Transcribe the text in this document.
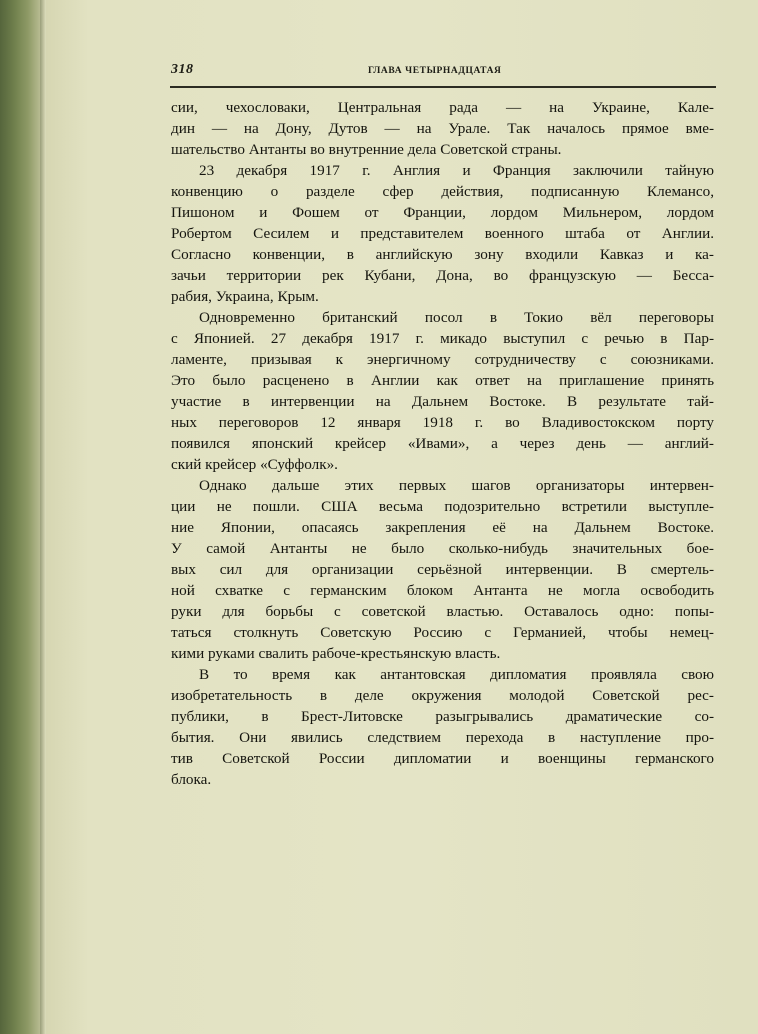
318	ГЛАВА ЧЕТЫРНАДЦАТАЯ
сии, чехословаки, Центральная рада — на Украине, Кале-
дин — на Дону, Дутов — на Урале. Так началось прямое вме-
шательство Антанты во внутренние дела Советской страны.
23 декабря 1917 г. Англия и Франция заключили тайную
конвенцию о разделе сфер действия, подписанную Клемансо,
Пишоном и Фошем от Франции, лордом Мильнером, лордом
Робертом Сесилем и представителем военного штаба от Англии.
Согласно конвенции, в английскую зону входили Кавказ и ка-
зачьи территории рек Кубани, Дона, во французскую — Бесса-
рабия, Украина, Крым.
Одновременно британский посол в Токио вёл переговоры
с Японией. 27 декабря 1917 г. микадо выступил с речью в Пар-
ламенте, призывая к энергичному сотрудничеству с союзниками.
Это было расценено в Англии как ответ на приглашение принять
участие в интервенции на Дальнем Востоке. В результате тай-
ных переговоров 12 января 1918 г. во Владивостокском порту
появился японский крейсер «Ивами», а через день — англий-
ский крейсер «Суффолк».
Однако дальше этих первых шагов организаторы интервен-
ции не пошли. США весьма подозрительно встретили выступле-
ние Японии, опасаясь закрепления её на Дальнем Востоке.
У самой Антанты не было сколько-нибудь значительных бое-
вых сил для организации серьёзной интервенции. В смертель-
ной схватке с германским блоком Антанта не могла освободить
руки для борьбы с советской властью. Оставалось одно: попы-
таться столкнуть Советскую Россию с Германией, чтобы немец-
кими руками свалить рабоче-крестьянскую власть.
В то время как антантовская дипломатия проявляла свою
изобретательность в деле окружения молодой Советской рес-
публики, в Брест-Литовске разыгрывались драматические со-
бытия. Они явились следствием перехода в наступление про-
тив Советской России дипломатии и военщины германского
блока.
